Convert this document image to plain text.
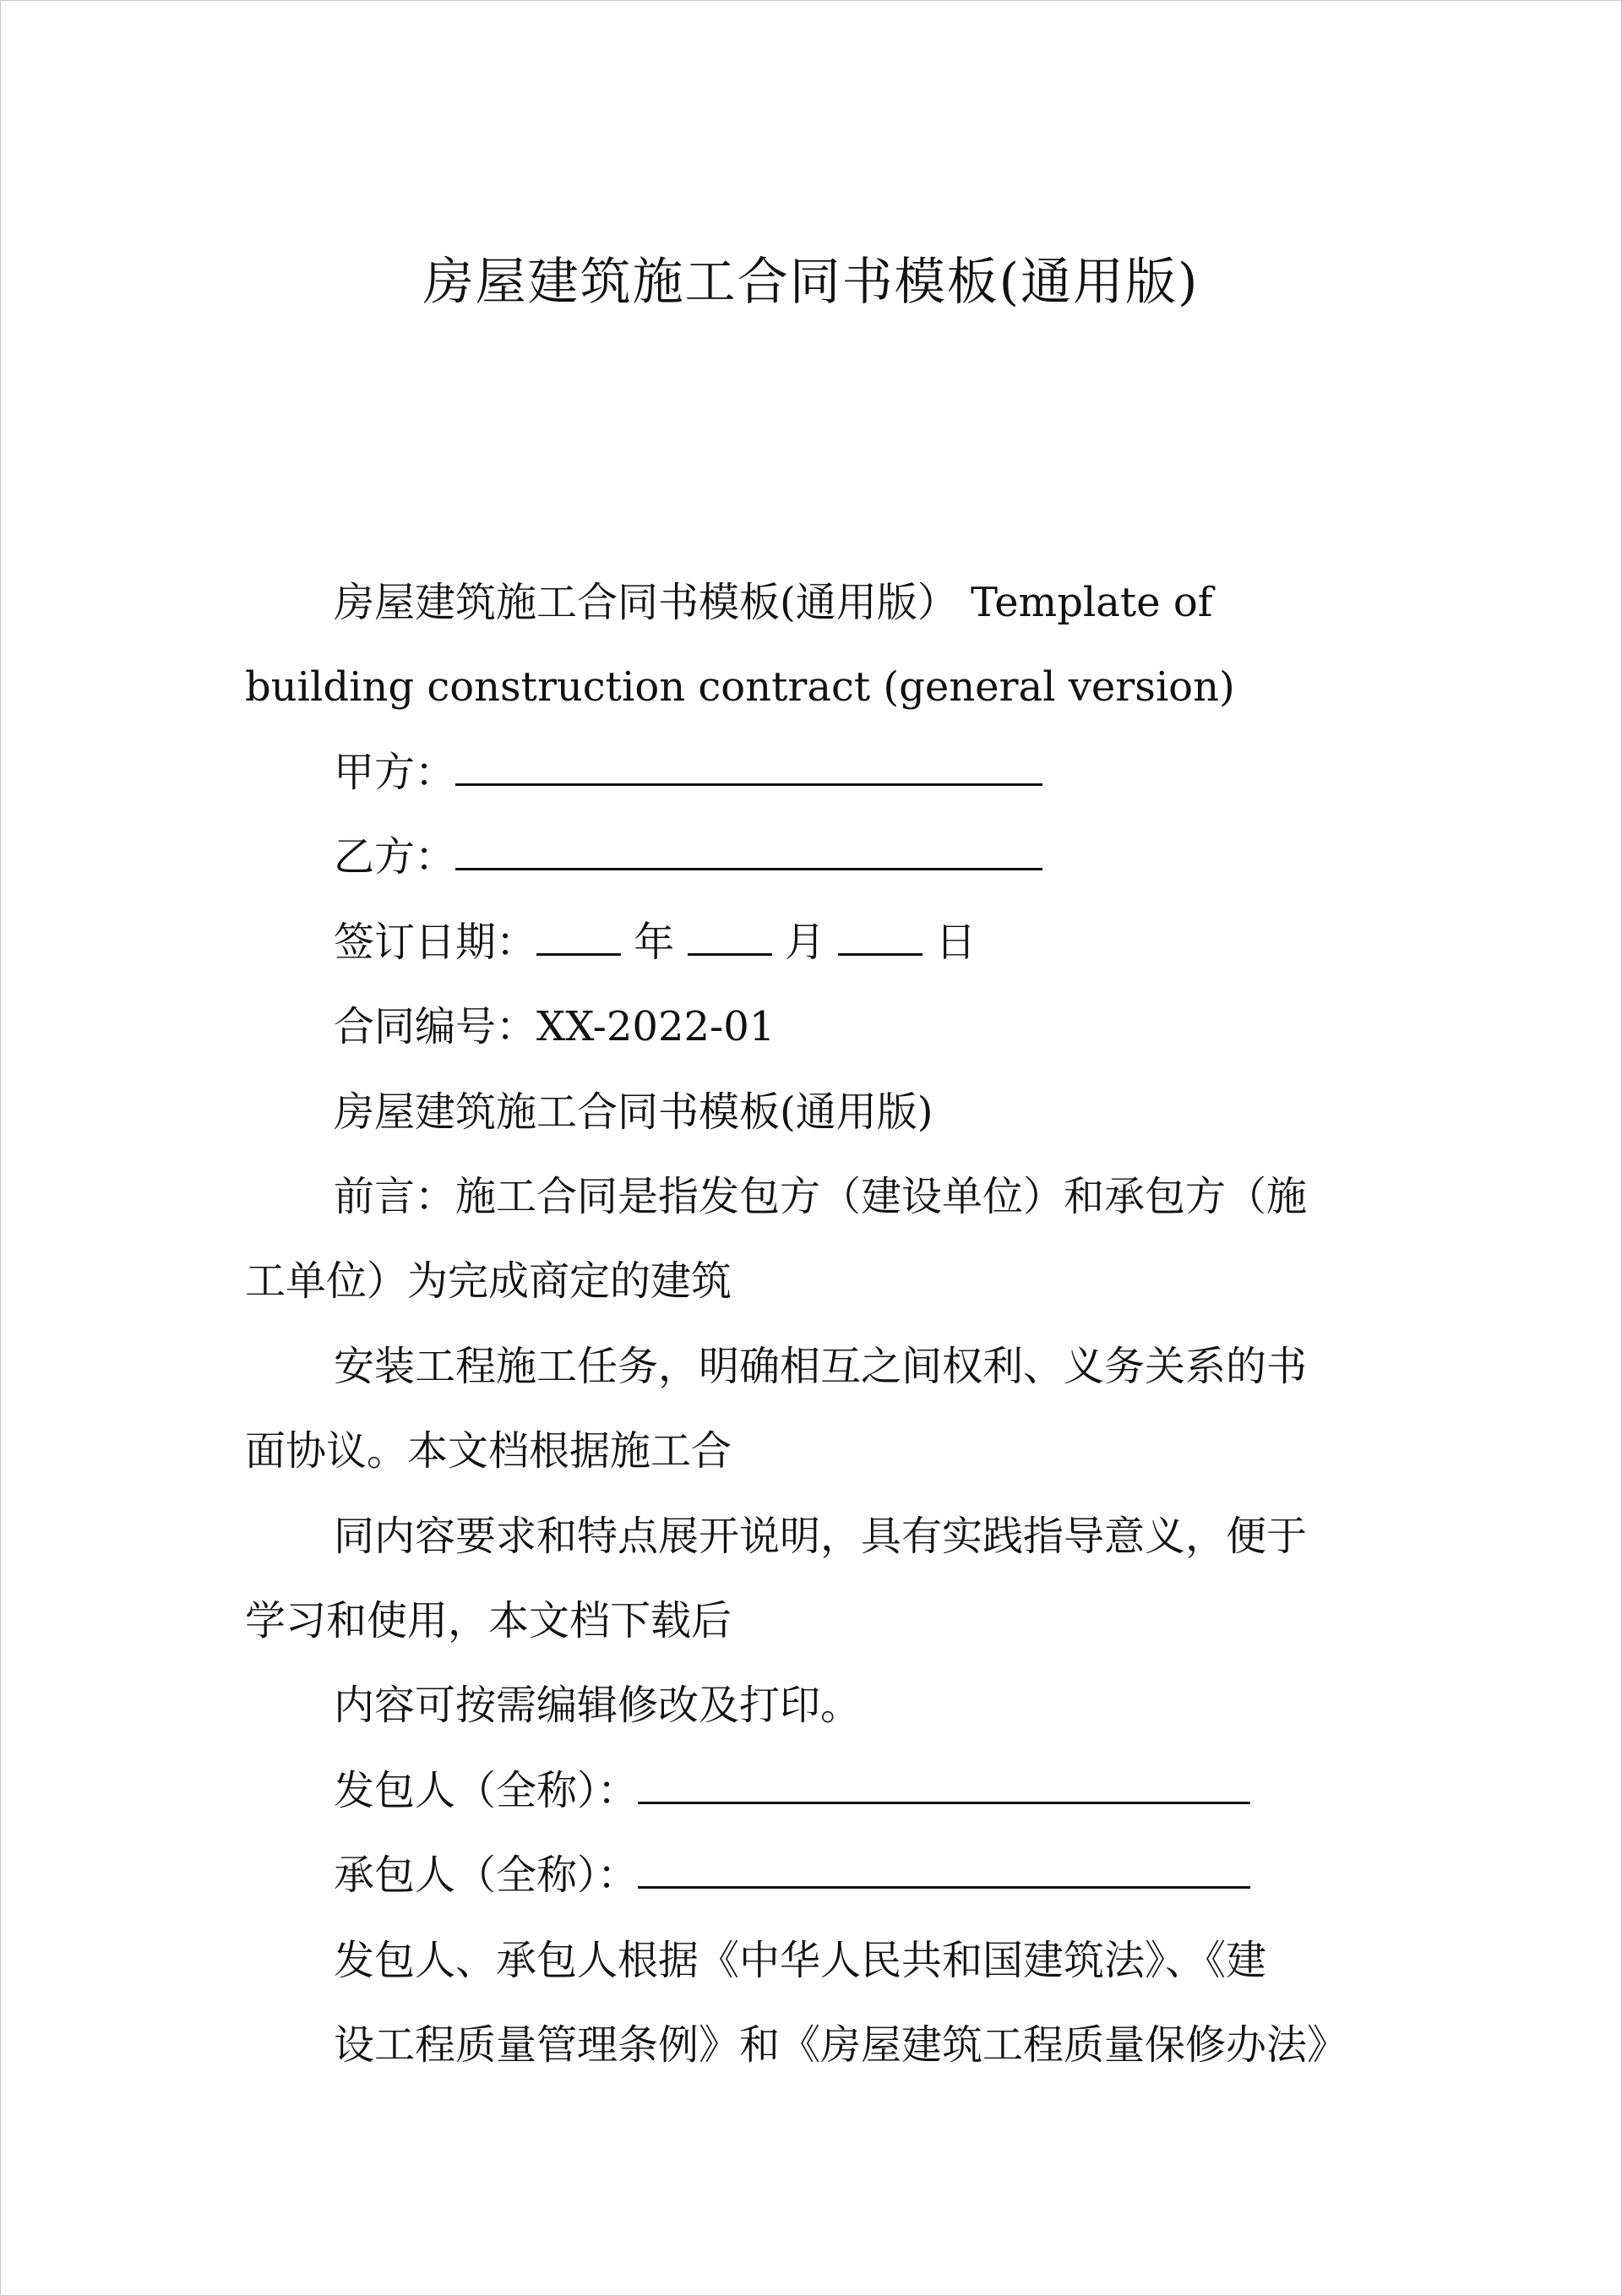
房屋建筑施工合同书模板(通用版)
房屋建筑施工合同书模板(通用版） Template of
building construction contract (general version)
甲方：
乙方：
签订日期： 年	月	日
合同编号：XX-2022-01
房屋建筑施工合同书模板(通用版)
前言：施工合同是指发包方（建设单位）和承包方（施
工单位）为完成商定的建筑
安装工程施工任务，明确相互之间权利、义务关系的书
面协议。本文档根据施工合
同内容要求和特点展开说明，具有实践指导意义，便于
学习和使用，本文档下载后
内容可按需编辑修改及打印。
发包人（全称）：
承包人（全称）：
发包人、承包人根据《中华人民共和国建筑法》、《建
设工程质量管理条例》和《房屋建筑工程质量保修办法》
